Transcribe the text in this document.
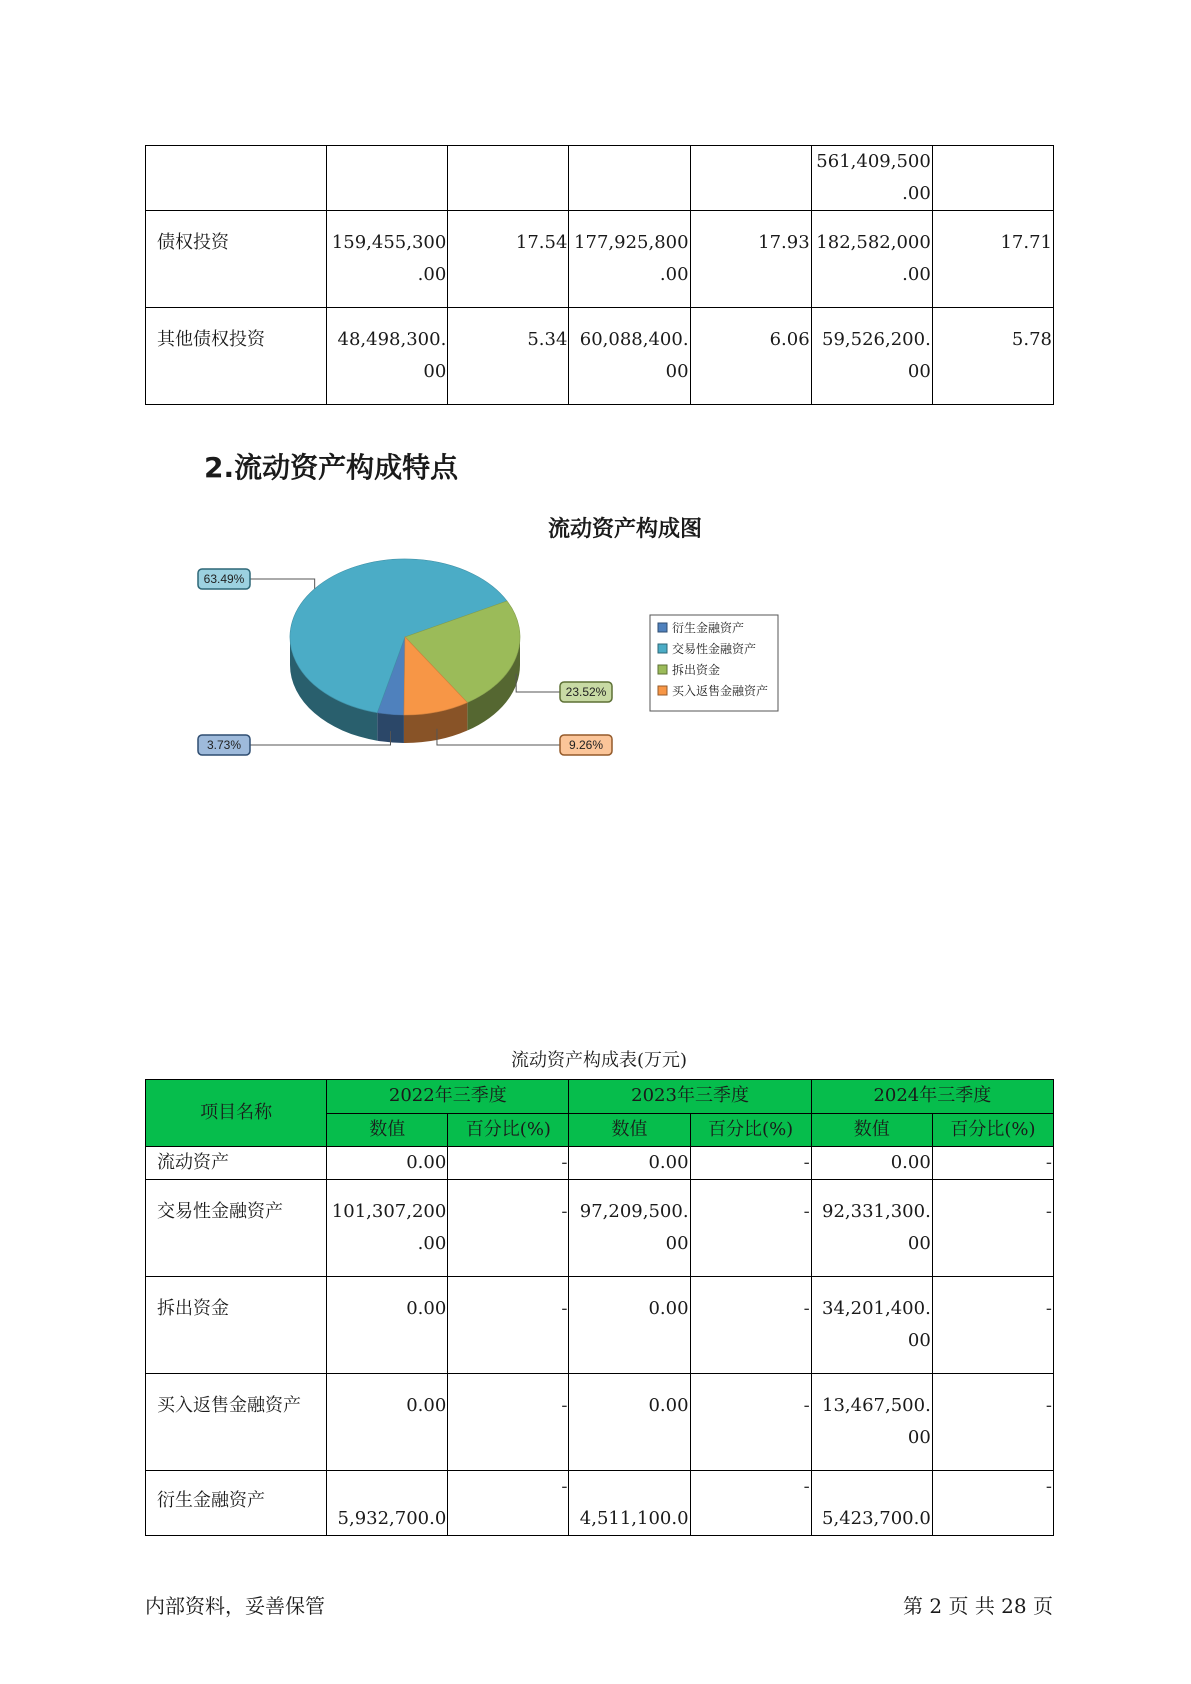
					561,409,500
.00	

债权投资	159,455,300
.00	17.54	177,925,800
.00	17.93	182,582,000
.00	17.71

其他债权投资	48,498,300.
00	5.34	60,088,400.
00	6.06	59,526,200.
00	5.78
2.流动资产构成特点
流动资产构成图
3.73%
63.49%
23.52%
9.26%
衍生金融资产
交易性金融资产
拆出资金
买入返售金融资产
流动资产构成表(万元)
项目名称	2022年三季度		2023年三季度		2024年三季度	
	数值	百分比(%)	数值	百分比(%)	数值	百分比(%)

流动资产	0.00	-	0.00	-	0.00	-

交易性金融资产	101,307,200
.00	-	97,209,500.
00	-	92,331,300.
00	-

拆出资金	0.00	-	0.00	-	34,201,400.
00	-

买入返售金融资产	0.00	-	0.00	-	13,467,500.
00	-

衍生金融资产	5,932,700.0	-	4,511,100.0	-	5,423,700.0	-
内部资料，妥善保管	第 2 页 共 28 页
